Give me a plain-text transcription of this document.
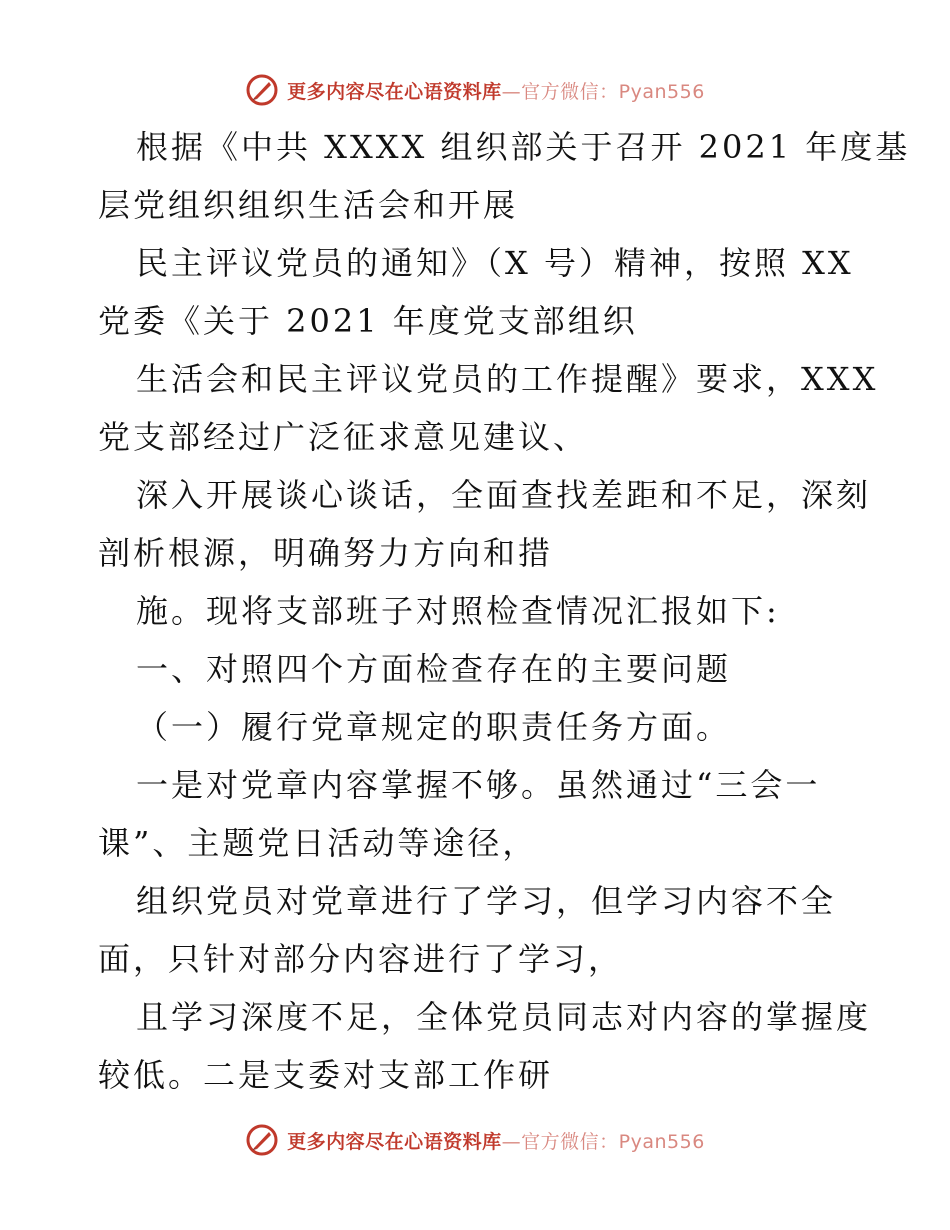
更多内容尽在心语资料库—官方微信：Pyan556
根据《中共 XXXX 组织部关于召开 2021 年度基
层党组织组织生活会和开展
民主评议党员的通知》（X 号）精神，按照 XX
党委《关于 2021 年度党支部组织
生活会和民主评议党员的工作提醒》要求，XXX
党支部经过广泛征求意见建议、
深入开展谈心谈话，全面查找差距和不足，深刻
剖析根源，明确努力方向和措
施。现将支部班子对照检查情况汇报如下:
一、对照四个方面检查存在的主要问题
（一）履行党章规定的职责任务方面。
一是对党章内容掌握不够。虽然通过“三会一
课”、主题党日活动等途径，
组织党员对党章进行了学习，但学习内容不全
面，只针对部分内容进行了学习，
且学习深度不足，全体党员同志对内容的掌握度
较低。二是支委对支部工作研
更多内容尽在心语资料库—官方微信：Pyan556
